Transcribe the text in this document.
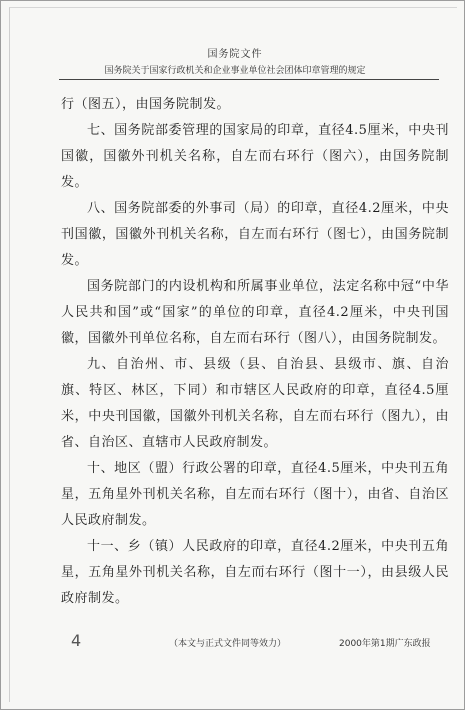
国务院文件
国务院关于国家行政机关和企业事业单位社会团体印章管理的规定

行（图五），由国务院制发。

七、国务院部委管理的国家局的印章，直径4.5厘米，中央刊国徽，国徽外刊机关名称，自左而右环行（图六），由国务院制发。

八、国务院部委的外事司（局）的印章，直径4.2厘米，中央刊国徽，国徽外刊机关名称，自左而右环行（图七），由国务院制发。

国务院部门的内设机构和所属事业单位，法定名称中冠“中华人民共和国”或“国家”的单位的印章，直径4.2厘米，中央刊国徽，国徽外刊单位名称，自左而右环行（图八），由国务院制发。

九、自治州、市、县级（县、自治县、县级市、旗、自治旗、特区、林区，下同）和市辖区人民政府的印章，直径4.5厘米，中央刊国徽，国徽外刊机关名称，自左而右环行（图九），由省、自治区、直辖市人民政府制发。

十、地区（盟）行政公署的印章，直径4.5厘米，中央刊五角星，五角星外刊机关名称，自左而右环行（图十），由省、自治区人民政府制发。

十一、乡（镇）人民政府的印章，直径4.2厘米，中央刊五角星，五角星外刊机关名称，自左而右环行（图十一），由县级人民政府制发。

4	（本文与正式文件同等效力）	2000年第1期广东政报
